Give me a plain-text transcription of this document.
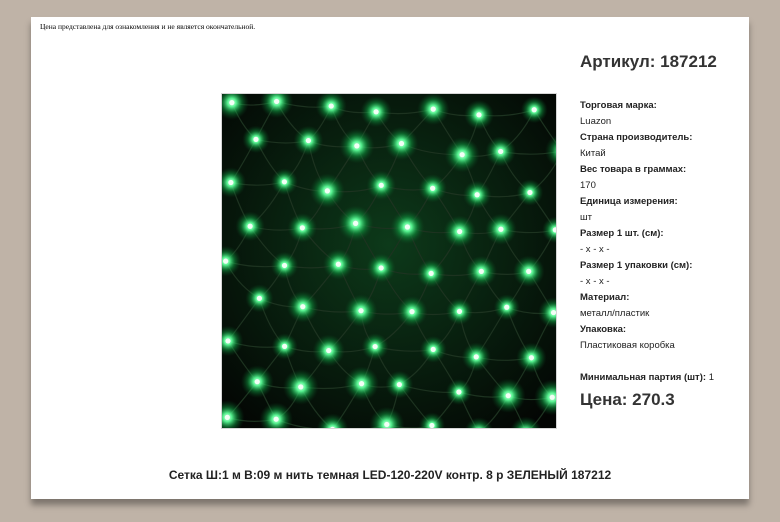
Цена представлена для ознакомления и не является окончательной.
Артикул: 187212
Торговая марка:
Luazon
Страна производитель:
Китай
Вес товара в граммах:
170
Единица измерения:
шт
Размер 1 шт. (см):
- x - x -
Размер 1 упаковки (см):
- x - x -
Материал:
металл/пластик
Упаковка:
Пластиковая коробка
Минимальная партия (шт): 1
Цена: 270.3
Сетка Ш:1 м В:09 м нить темная LED-120-220V контр. 8 р ЗЕЛЕНЫЙ 187212
